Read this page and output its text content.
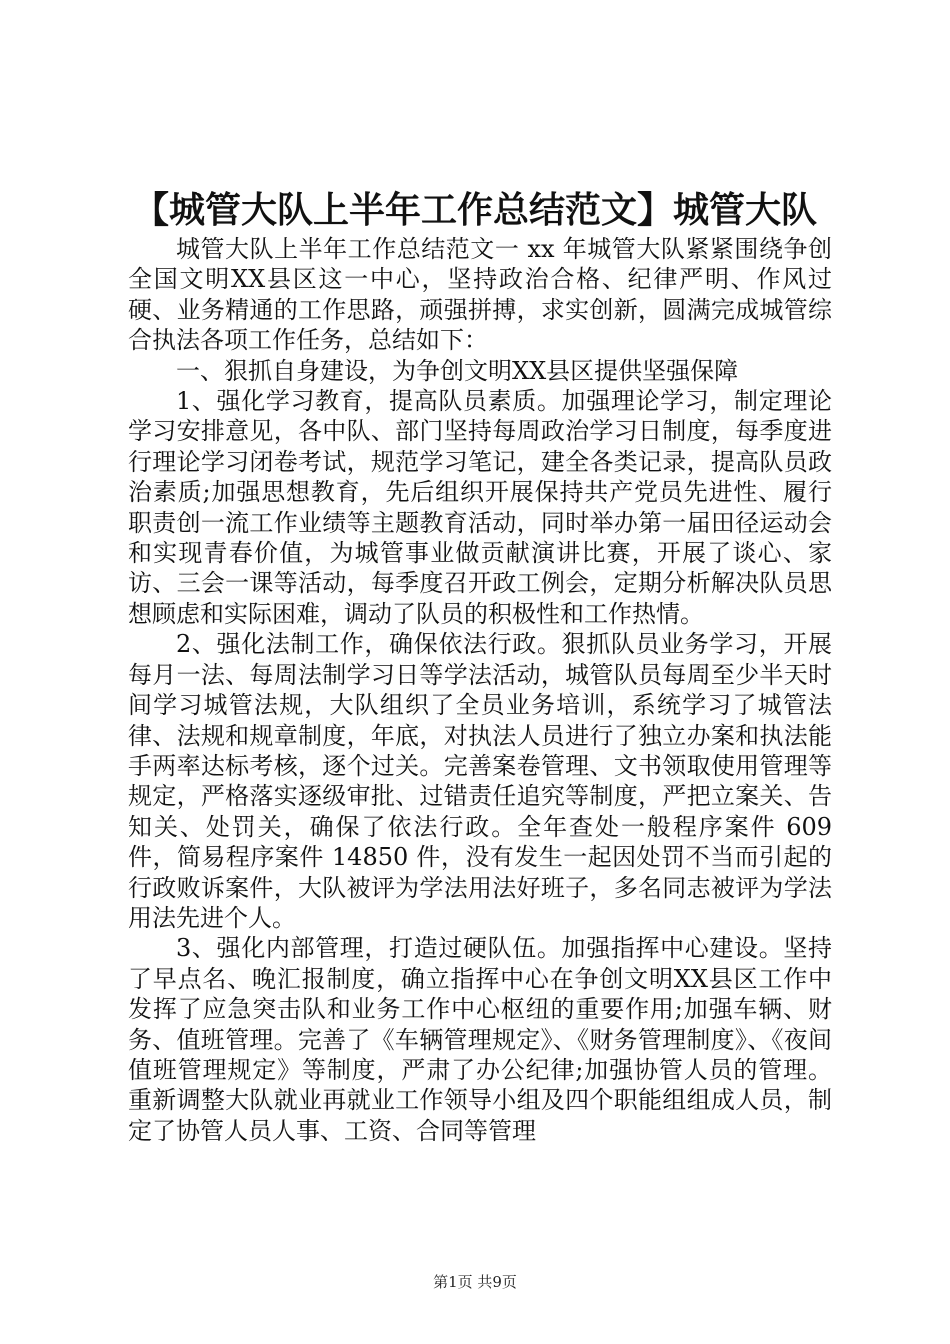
【城管大队上半年工作总结范文】城管大队

城管大队上半年工作总结范文一 xx 年城管大队紧紧围绕争创全国文明XX县区这一中心，坚持政治合格、纪律严明、作风过硬、业务精通的工作思路，顽强拼搏，求实创新，圆满完成城管综合执法各项工作任务，总结如下：

一、狠抓自身建设，为争创文明XX县区提供坚强保障

1、强化学习教育，提高队员素质。加强理论学习，制定理论学习安排意见，各中队、部门坚持每周政治学习日制度，每季度进行理论学习闭卷考试，规范学习笔记，建全各类记录，提高队员政治素质;加强思想教育，先后组织开展保持共产党员先进性、履行职责创一流工作业绩等主题教育活动，同时举办第一届田径运动会和实现青春价值，为城管事业做贡献演讲比赛，开展了谈心、家访、三会一课等活动，每季度召开政工例会，定期分析解决队员思想顾虑和实际困难，调动了队员的积极性和工作热情。

2、强化法制工作，确保依法行政。狠抓队员业务学习，开展每月一法、每周法制学习日等学法活动，城管队员每周至少半天时间学习城管法规，大队组织了全员业务培训，系统学习了城管法律、法规和规章制度，年底，对执法人员进行了独立办案和执法能手两率达标考核，逐个过关。完善案卷管理、文书领取使用管理等规定，严格落实逐级审批、过错责任追究等制度，严把立案关、告知关、处罚关，确保了依法行政。全年查处一般程序案件 609 件，简易程序案件 14850 件，没有发生一起因处罚不当而引起的行政败诉案件，大队被评为学法用法好班子，多名同志被评为学法用法先进个人。

3、强化内部管理，打造过硬队伍。加强指挥中心建设。坚持了早点名、晚汇报制度，确立指挥中心在争创文明XX县区工作中发挥了应急突击队和业务工作中心枢纽的重要作用;加强车辆、财务、值班管理。完善了《车辆管理规定》、《财务管理制度》、《夜间值班管理规定》等制度，严肃了办公纪律;加强协管人员的管理。重新调整大队就业再就业工作领导小组及四个职能组组成人员，制定了协管人员人事、工资、合同等管理

第1页 共9页
